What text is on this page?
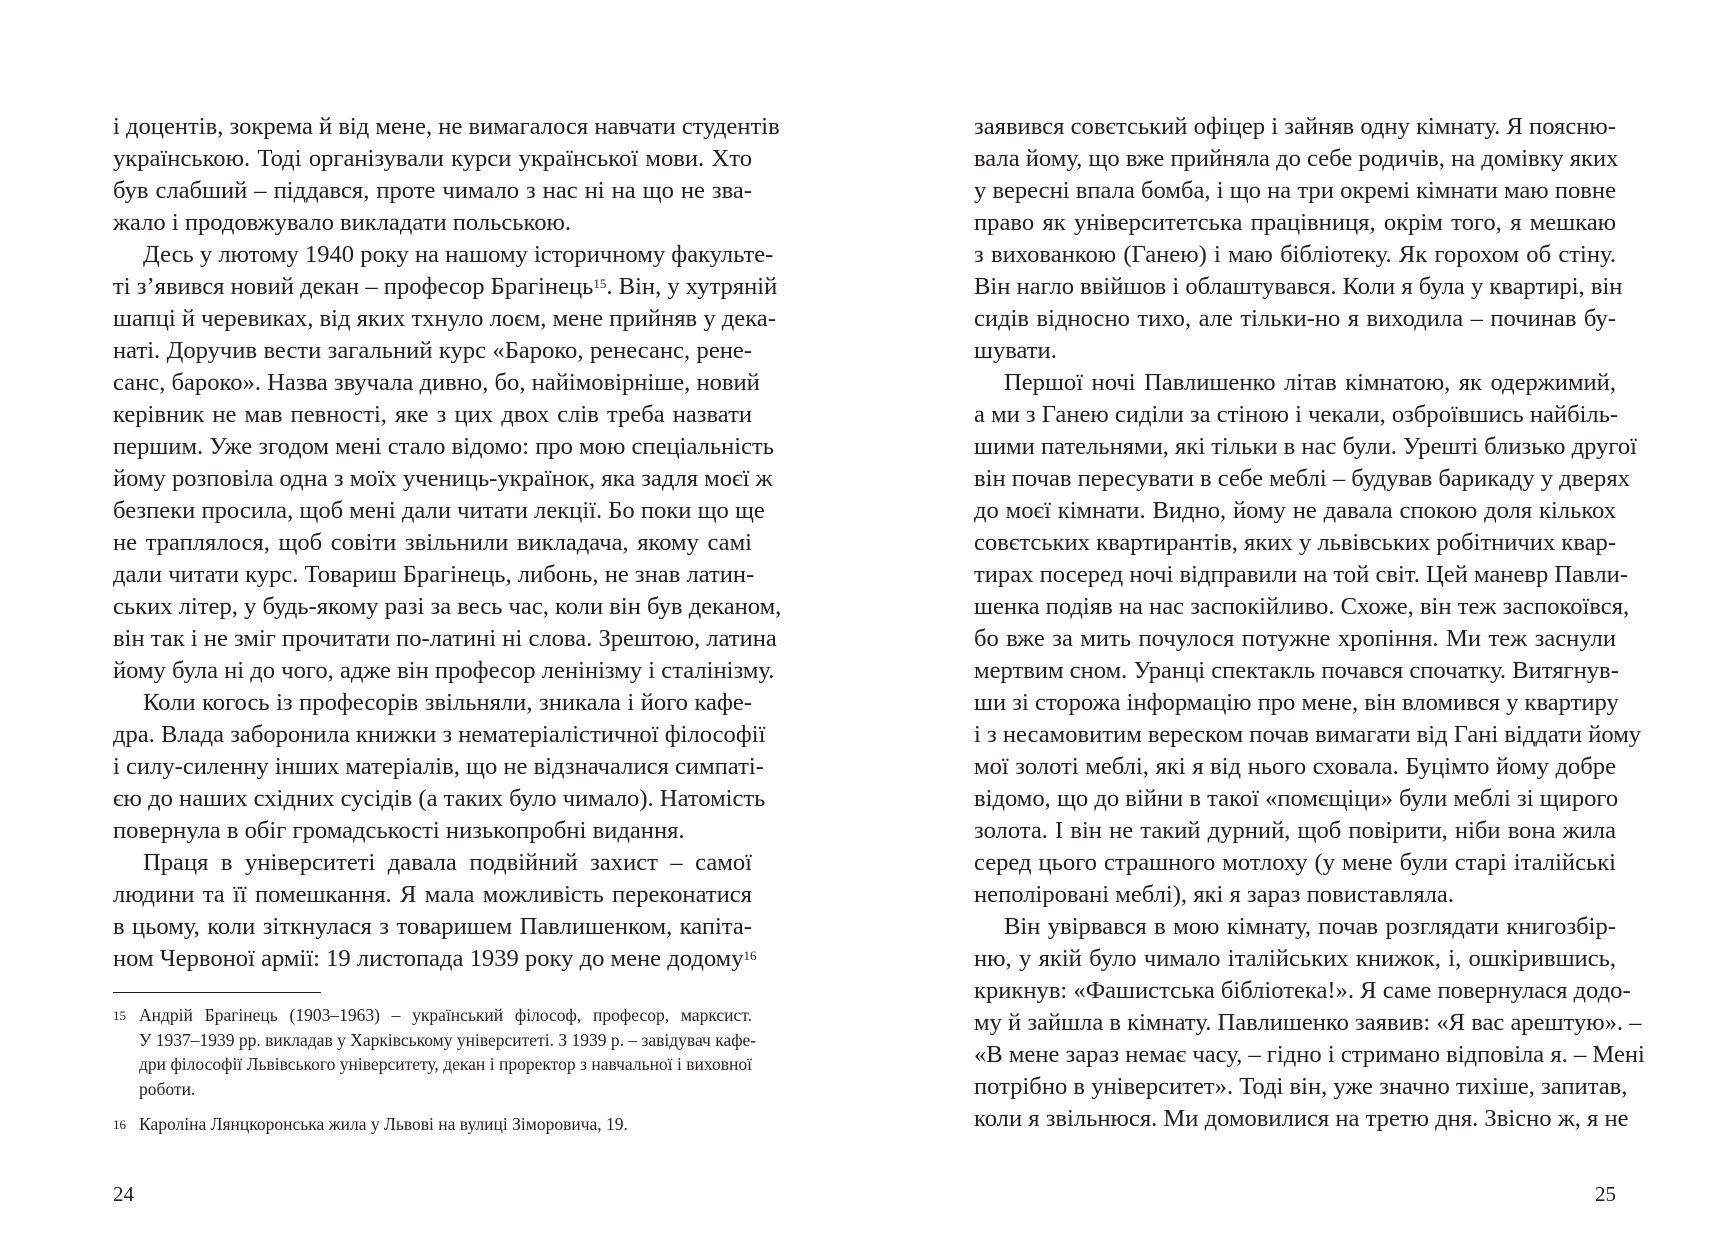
і доцентів, зокрема й від мене, не вимагалося навчати студентів
українською. Тоді організували курси української мови. Хто
був слабший – піддався, проте чимало з нас ні на що не зва-
жало і продовжувало викладати польською.
Десь у лютому 1940 року на нашому історичному факульте-
ті з’явився новий декан – професор Брагінець$^{15}$. Він, у хутряній
шапці й черевиках, від яких тхнуло лоєм, мене прийняв у дека-
наті. Доручив вести загальний курс «Бароко, ренесанс, ренe-
санс, бароко». Назва звучала дивно, бо, найімовірніше, новий
керівник не мав певності, яке з цих двох слів треба назвати
першим. Уже згодом мені стало відомо: про мою спеціальність
йому розповіла одна з моїх учениць-українок, яка задля моєї ж
безпеки просила, щоб мені дали читати лекції. Бо поки що ще
не траплялося, щоб совіти звільнили викладача, якому самі
дали читати курс. Товариш Брагінець, либонь, не знав латин-
ських літер, у будь-якому разі за весь час, коли він був деканом,
він так і не зміг прочитати по-латині ні слова. Зрештою, латина
йому була ні до чого, адже він професор ленінізму і сталінізму.
Коли когось із професорів звільняли, зникала і його кафе-
дра. Влада заборонила книжки з нематеріалістичної філософії
і силу-силенну інших матеріалів, що не відзначалися симпаті-
єю до наших східних сусідів (а таких було чимало). Натомість
повернула в обіг громадськості низькопробні видання.
Праця в університеті давала подвійний захист – самої
людини та її помешкання. Я мала можливість переконатися
в цьому, коли зіткнулася з товаришем Павлишенком, капіта-
ном Червоної армії: 19 листопада 1939 року до мене додому$^{16}$
15 Андрій Брагінець (1903–1963) – український філософ, професор, марксист.
У 1937–1939 рр. викладав у Харківському університеті. З 1939 р. – завідувач кафе-
дри філософії Львівського університету, декан і проректор з навчальної і виховної
роботи.
16 Кароліна Лянцкоронська жила у Львові на вулиці Зіморовича, 19.
24
заявився совєтський офіцер і зайняв одну кімнату. Я поясню-
вала йому, що вже прийняла до себе родичів, на домівку яких
у вересні впала бомба, і що на три окремі кімнати маю повне
право як університетська працівниця, окрім того, я мешкаю
з вихованкою (Ганею) і маю бібліотеку. Як горохом об стіну.
Він нагло ввійшов і облаштувався. Коли я була у квартирі, він
сидів відносно тихо, але тільки-но я виходила – починав бу-
шувати.
Першої ночі Павлишенко літав кімнатою, як одержимий,
а ми з Ганею сиділи за стіною і чекали, озброївшись найбіль-
шими пательнями, які тільки в нас були. Урешті близько другої
він почав пересувати в себе меблі – будував барикаду у дверях
до моєї кімнати. Видно, йому не давала спокою доля кількох
совєтських квартирантів, яких у львівських робітничих квар-
тирах посеред ночі відправили на той світ. Цей маневр Павли-
шенка подіяв на нас заспокійливо. Схоже, він теж заспокоївся,
бо вже за мить почулося потужне хропіння. Ми теж заснули
мертвим сном. Уранці спектакль почався спочатку. Витягнув-
ши зі сторожа інформацію про мене, він вломився у квартиру
і з несамовитим вереском почав вимагати від Гані віддати йому
мої золоті меблі, які я від нього сховала. Буцімто йому добре
відомо, що до війни в такої «помєщіци» були меблі зі щирого
золота. І він не такий дурний, щоб повірити, ніби вона жила
серед цього страшного мотлоху (у мене були старі італійські
неполіровані меблі), які я зараз повиставляла.
Він увірвався в мою кімнату, почав розглядати книгозбір-
ню, у якій було чимало італійських книжок, і, ошкірившись,
крикнув: «Фашистська бібліотека!». Я саме повернулася додо-
му й зайшла в кімнату. Павлишенко заявив: «Я вас арештую». –
«В мене зараз немає часу, – гідно і стримано відповіла я. – Мені
потрібно в університет». Тоді він, уже значно тихіше, запитав,
коли я звільнюся. Ми домовилися на третю дня. Звісно ж, я не
25
